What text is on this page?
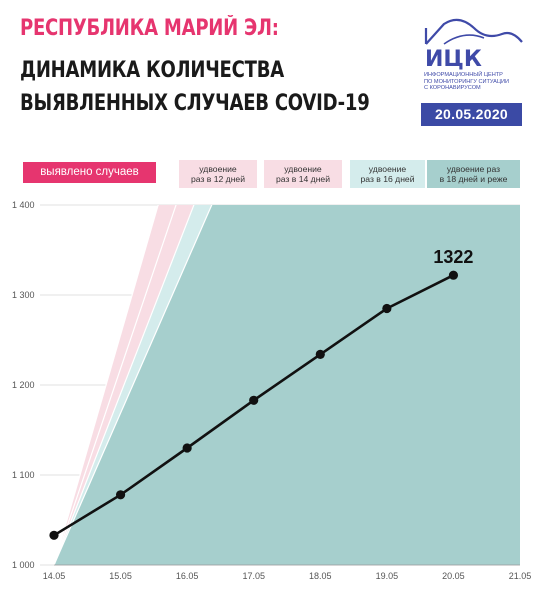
РЕСПУБЛИКА МАРИЙ ЭЛ:
ДИНАМИКА КОЛИЧЕСТВА
ВЫЯВЛЕННЫХ СЛУЧАЕВ COVID-19
ИЦК
ИНФОРМАЦИОННЫЙ ЦЕНТР
ПО МОНИТОРИНГУ СИТУАЦИИ
С КОРОНАВИРУСОМ
20.05.2020
выявлено случаев	удвоение
раз в 12 дней
удвоение
раз в 14 дней
удвоение
раз в 16 дней
удвоение раз
в 18 дней и реже
1 000
1 100
1 200
1 300
1 400
14.05	15.05	16.05	17.05	18.05	19.05	20.05	21.05
1322
